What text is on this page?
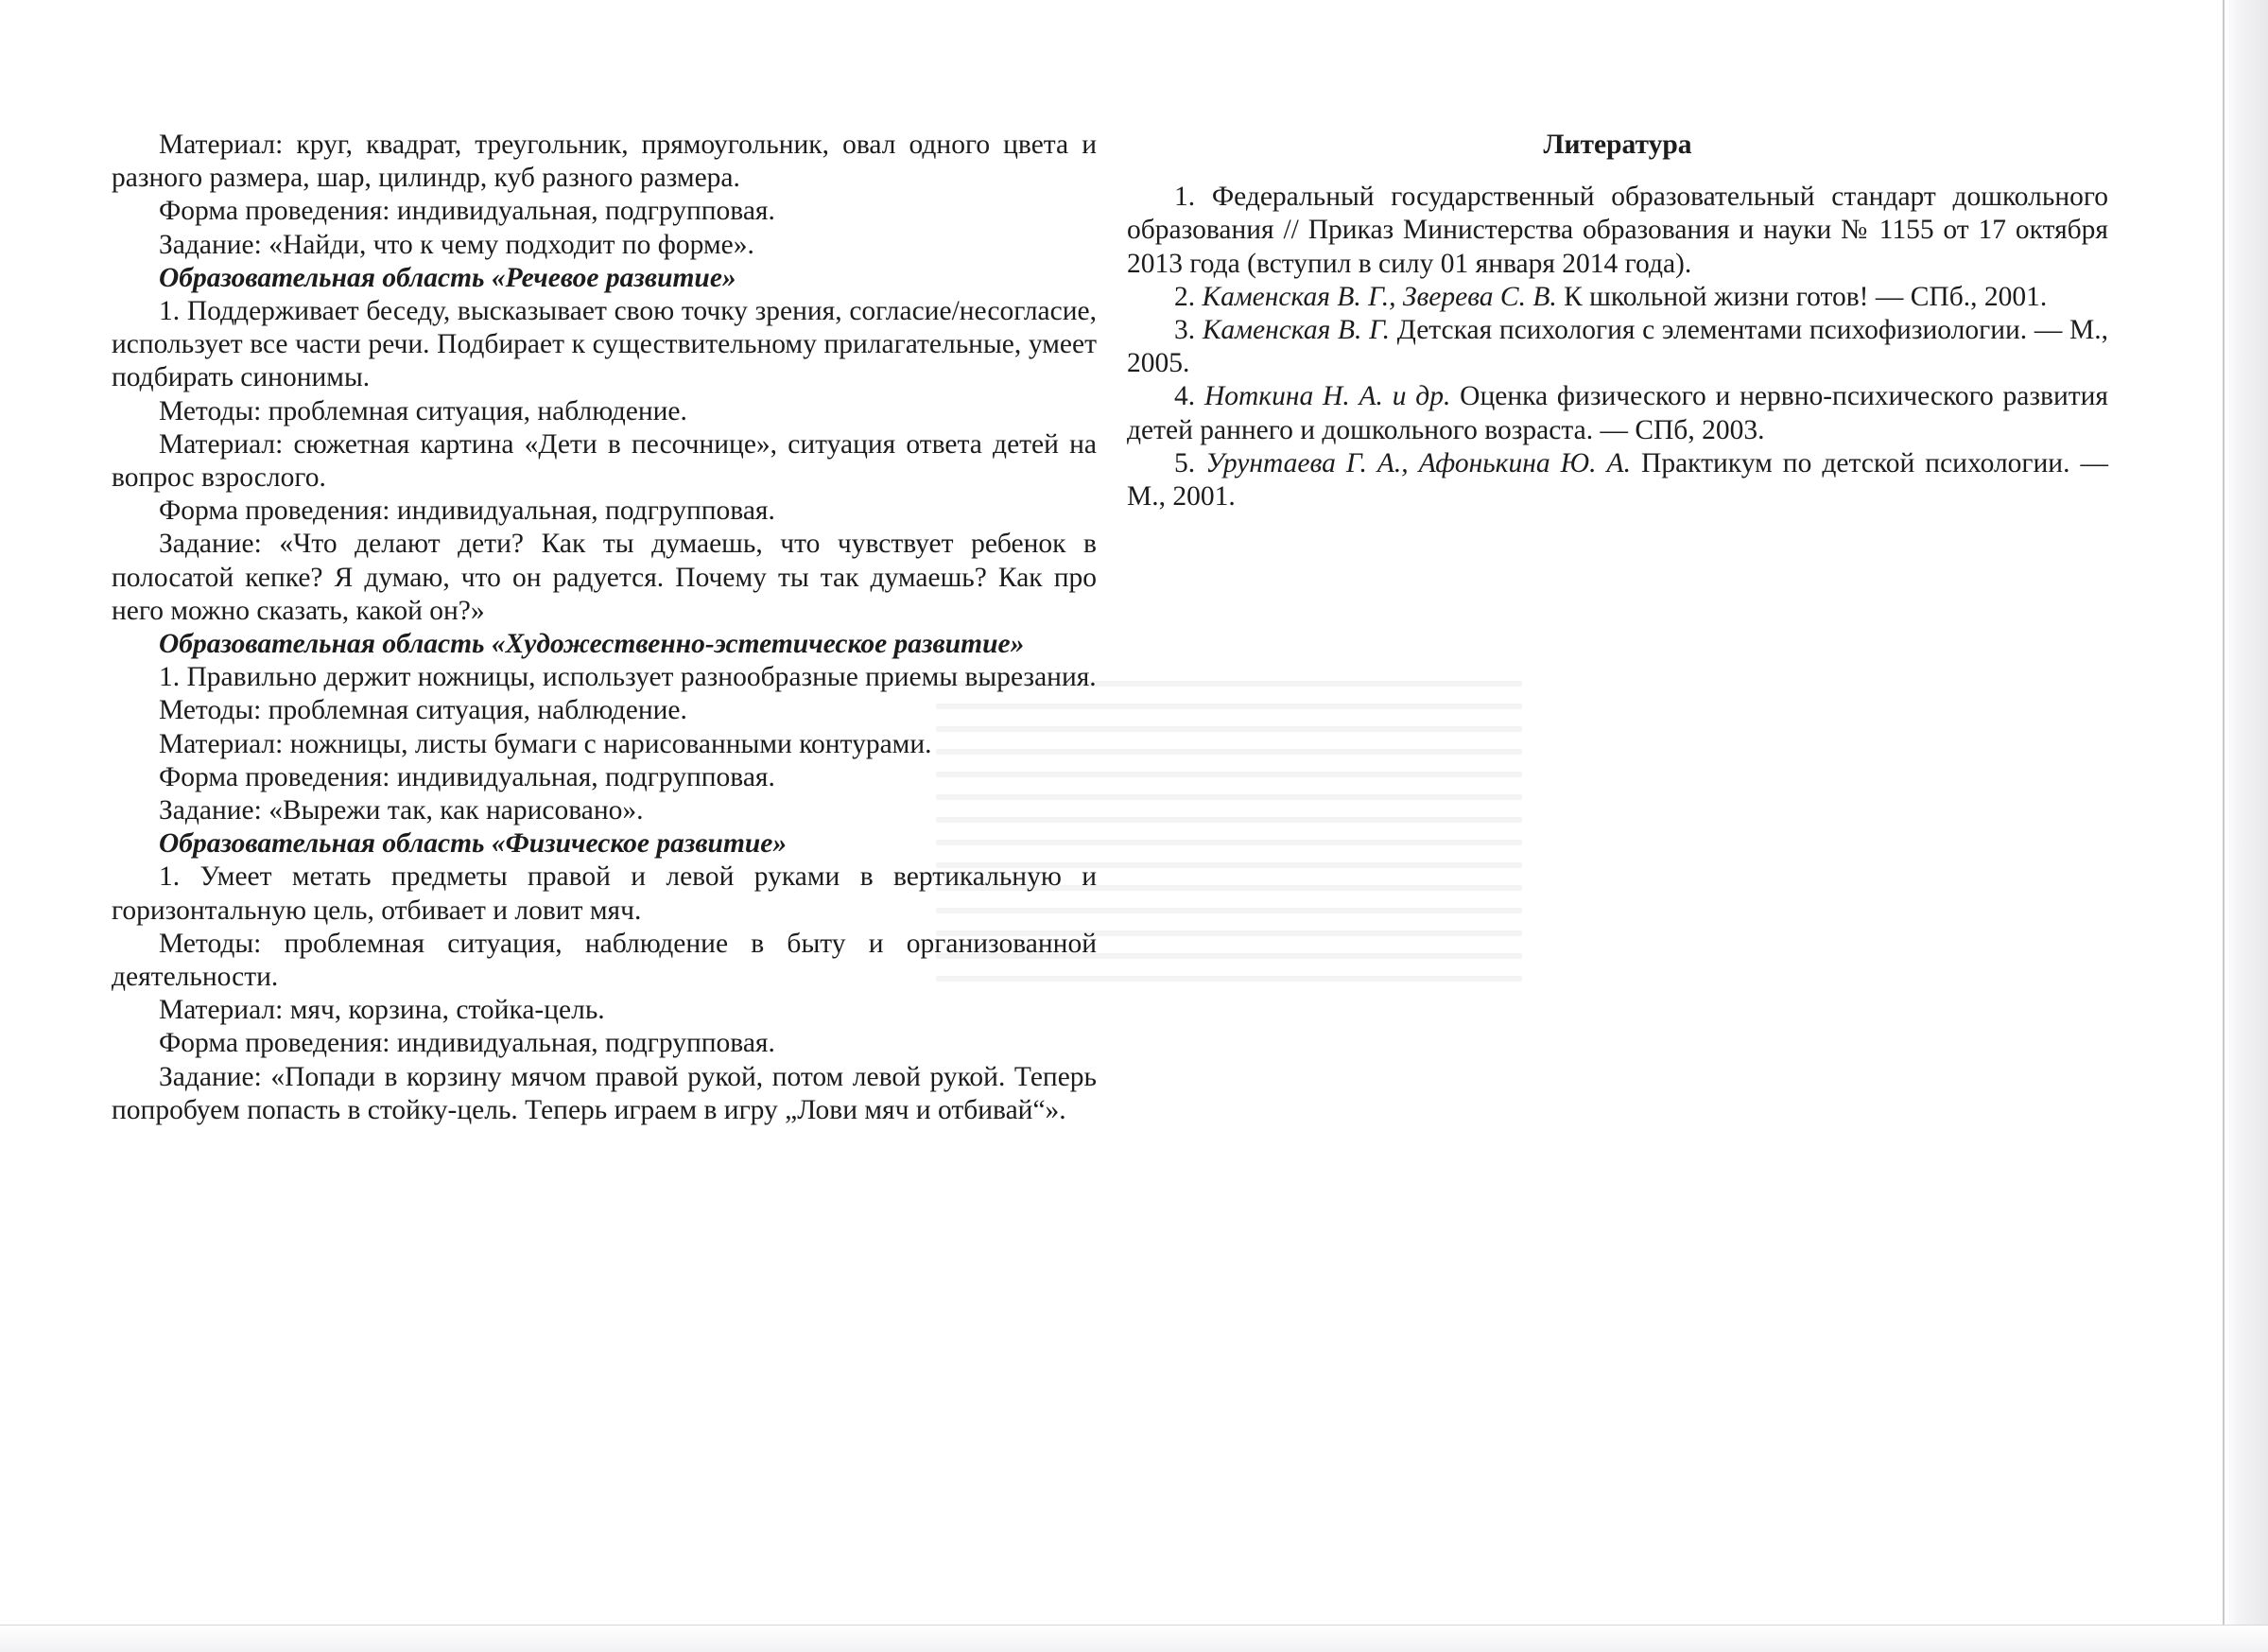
Материал: круг, квадрат, треугольник, прямоугольник, овал одного цвета и разного размера, шар, цилиндр, куб разного размера.

Форма проведения: индивидуальная, подгрупповая.

Задание: «Найди, что к чему подходит по форме».

Образовательная область «Речевое развитие»

1. Поддерживает беседу, высказывает свою точку зрения, согласие/несогласие, использует все части речи. Подбирает к существительному прилагательные, умеет подбирать синонимы.

Методы: проблемная ситуация, наблюдение.

Материал: сюжетная картина «Дети в песочнице», ситуация ответа детей на вопрос взрослого.

Форма проведения: индивидуальная, подгрупповая.

Задание: «Что делают дети? Как ты думаешь, что чувствует ребенок в полосатой кепке? Я думаю, что он радуется. Почему ты так думаешь? Как про него можно сказать, какой он?»

Образовательная область «Художественно-эстетическое развитие»

1. Правильно держит ножницы, использует разнообразные приемы вырезания.

Методы: проблемная ситуация, наблюдение.

Материал: ножницы, листы бумаги с нарисованными контурами.

Форма проведения: индивидуальная, подгрупповая.

Задание: «Вырежи так, как нарисовано».

Образовательная область «Физическое развитие»

1. Умеет метать предметы правой и левой руками в вертикальную и горизонтальную цель, отбивает и ловит мяч.

Методы: проблемная ситуация, наблюдение в быту и организованной деятельности.

Материал: мяч, корзина, стойка-цель.

Форма проведения: индивидуальная, подгрупповая.

Задание: «Попади в корзину мячом правой рукой, потом левой рукой. Теперь попробуем попасть в стойку-цель. Теперь играем в игру „Лови мяч и отбивай“».

Литература

1. Федеральный государственный образовательный стандарт дошкольного образования // Приказ Министерства образования и науки № 1155 от 17 октября 2013 года (вступил в силу 01 января 2014 года).

2. Каменская В. Г., Зверева С. В. К школьной жизни готов! — СПб., 2001.

3. Каменская В. Г. Детская психология с элементами психофизиологии. — М., 2005.

4. Ноткина Н. А. и др. Оценка физического и нервно-психического развития детей раннего и дошкольного возраста. — СПб, 2003.

5. Урунтаева Г. А., Афонькина Ю. А. Практикум по детской психологии. — М., 2001.
